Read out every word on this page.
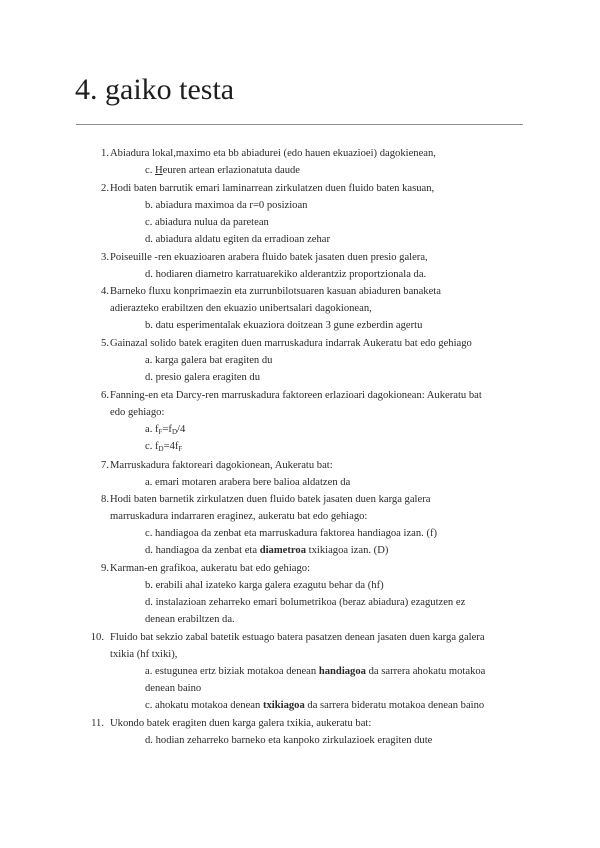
4. gaiko testa
1. Abiadura lokal,maximo eta bb abiadurei (edo hauen ekuazioei) dagokienean,
c. Heuren artean erlazionatuta daude
2. Hodi baten barrutik emari laminarrean zirkulatzen duen fluido baten kasuan,
b. abiadura maximoa da r=0 posizioan
c. abiadura nulua da paretean
d. abiadura aldatu egiten da erradioan zehar
3. Poiseuille -ren ekuazioaren arabera fluido batek jasaten duen presio galera,
d. hodiaren diametro karratuarekiko alderantziz proportzionala da.
4. Barneko fluxu konprimaezin eta zurrunbilotsuaren kasuan abiaduren banaketa
adierazteko erabiltzen den ekuazio unibertsalari dagokionean,
b. datu esperimentalak ekuaziora doitzean 3 gune ezberdin agertu
5. Gainazal solido batek eragiten duen marruskadura indarrak Aukeratu bat edo gehiago
a. karga galera bat eragiten du
d. presio galera eragiten du
6. Fanning-en eta Darcy-ren marruskadura faktoreen erlazioari dagokionean: Aukeratu bat
edo gehiago:
a. $f_F=f_D/4$
c. $f_D=4f_F$
7. Marruskadura faktoreari dagokionean, Aukeratu bat:
a. emari motaren arabera bere balioa aldatzen da
8. Hodi baten barnetik zirkulatzen duen fluido batek jasaten duen karga galera
marruskadura indarraren eraginez, aukeratu bat edo gehiago:
c. handiagoa da zenbat eta marruskadura faktorea handiagoa izan. (f)
d. handiagoa da zenbat eta diametroa txikiagoa izan. (D)
9. Karman-en grafikoa, aukeratu bat edo gehiago:
b. erabili ahal izateko karga galera ezagutu behar da (hf)
d. instalazioan zeharreko emari bolumetrikoa (beraz abiadura) ezagutzen ez
denean erabiltzen da.
10. Fluido bat sekzio zabal batetik estuago batera pasatzen denean jasaten duen karga galera
txikia (hf txiki),
a. estugunea ertz biziak motakoa denean handiagoa da sarrera ahokatu motakoa
denean baino
c. ahokatu motakoa denean txikiagoa da sarrera bideratu motakoa denean baino
11. Ukondo batek eragiten duen karga galera txikia, aukeratu bat:
d. hodian zeharreko barneko eta kanpoko zirkulazioek eragiten dute
